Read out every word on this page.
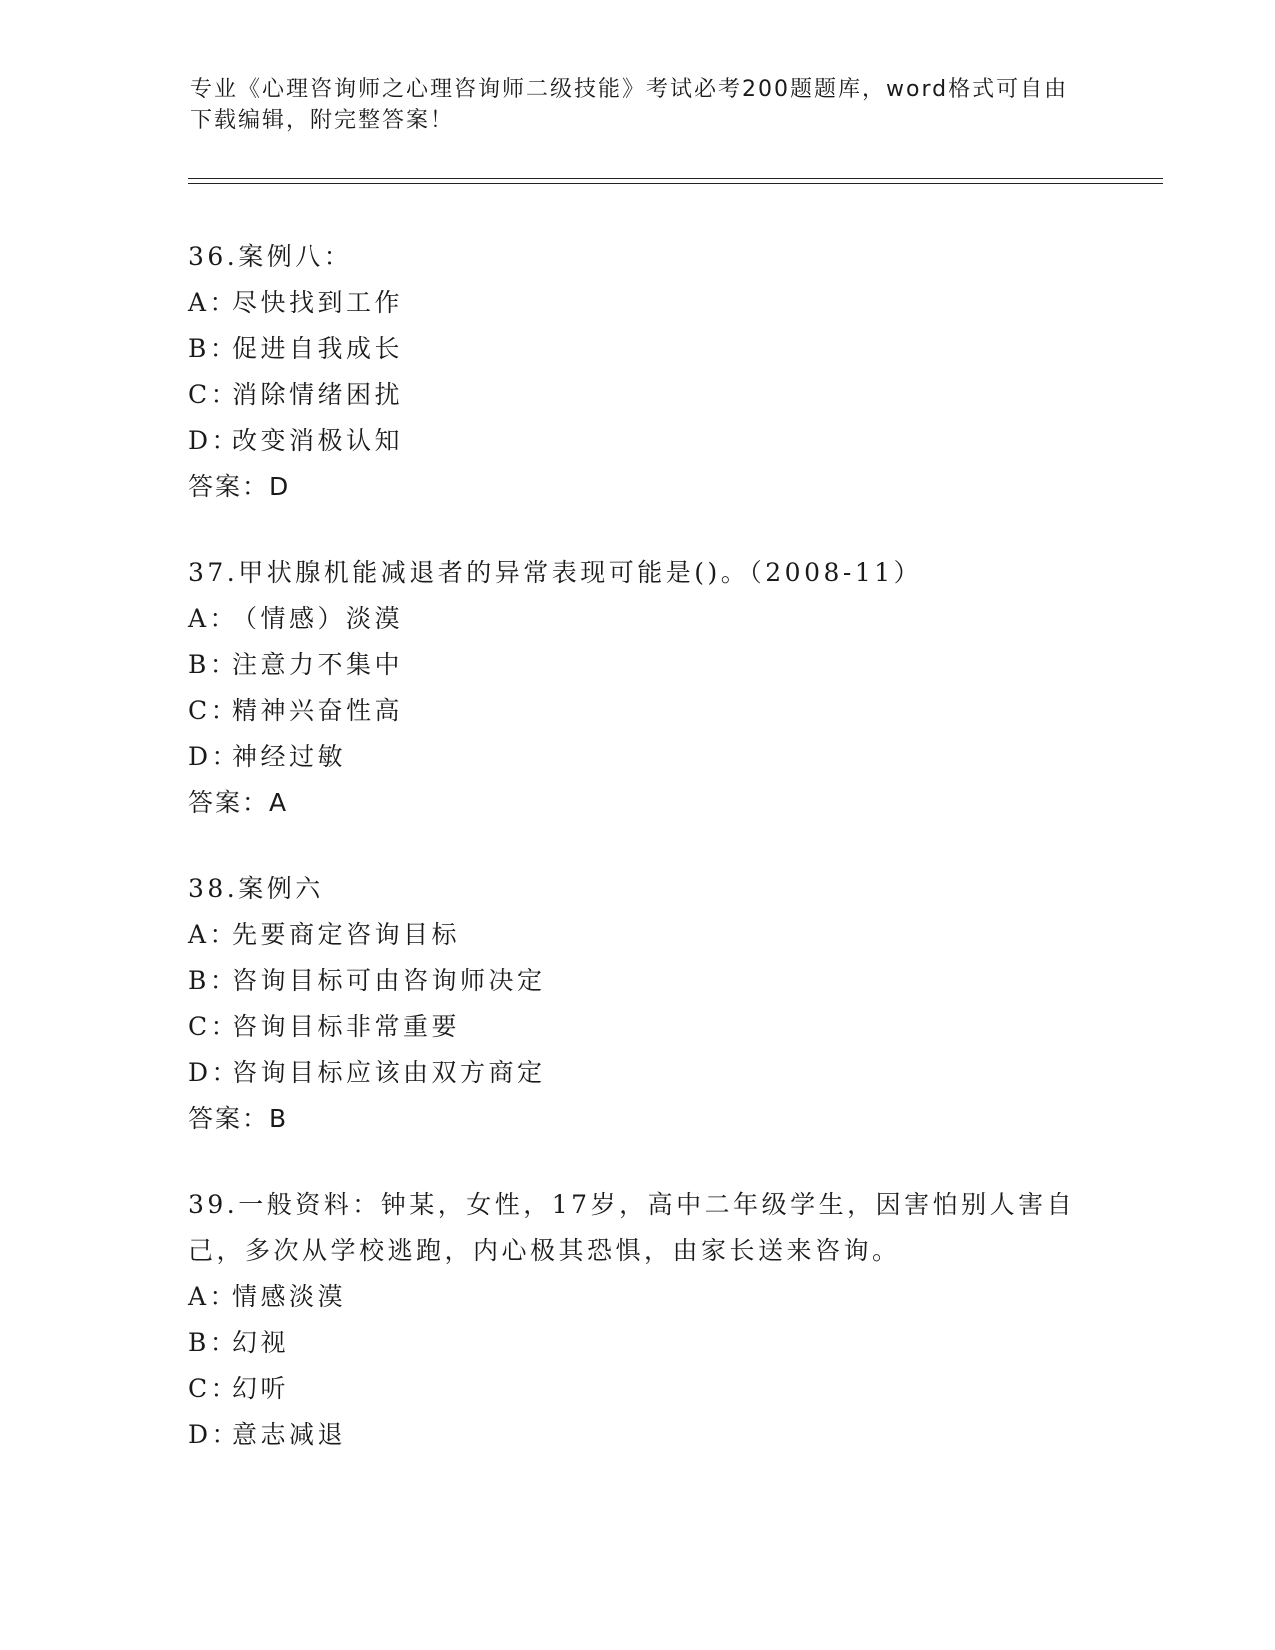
专业《心理咨询师之心理咨询师二级技能》考试必考200题题库，word格式可自由下载编辑，附完整答案！
36.案例八：
A：尽快找到工作
B：促进自我成长
C：消除情绪困扰
D：改变消极认知
答案：D
37.甲状腺机能减退者的异常表现可能是()。（2008-11）
A：（情感）淡漠
B：注意力不集中
C：精神兴奋性高
D：神经过敏
答案：A
38.案例六
A：先要商定咨询目标
B：咨询目标可由咨询师决定
C：咨询目标非常重要
D：咨询目标应该由双方商定
答案：B
39.一般资料：钟某，女性，17岁，高中二年级学生，因害怕别人害自己，多次从学校逃跑，内心极其恐惧，由家长送来咨询。
A：情感淡漠
B：幻视
C：幻听
D：意志减退
